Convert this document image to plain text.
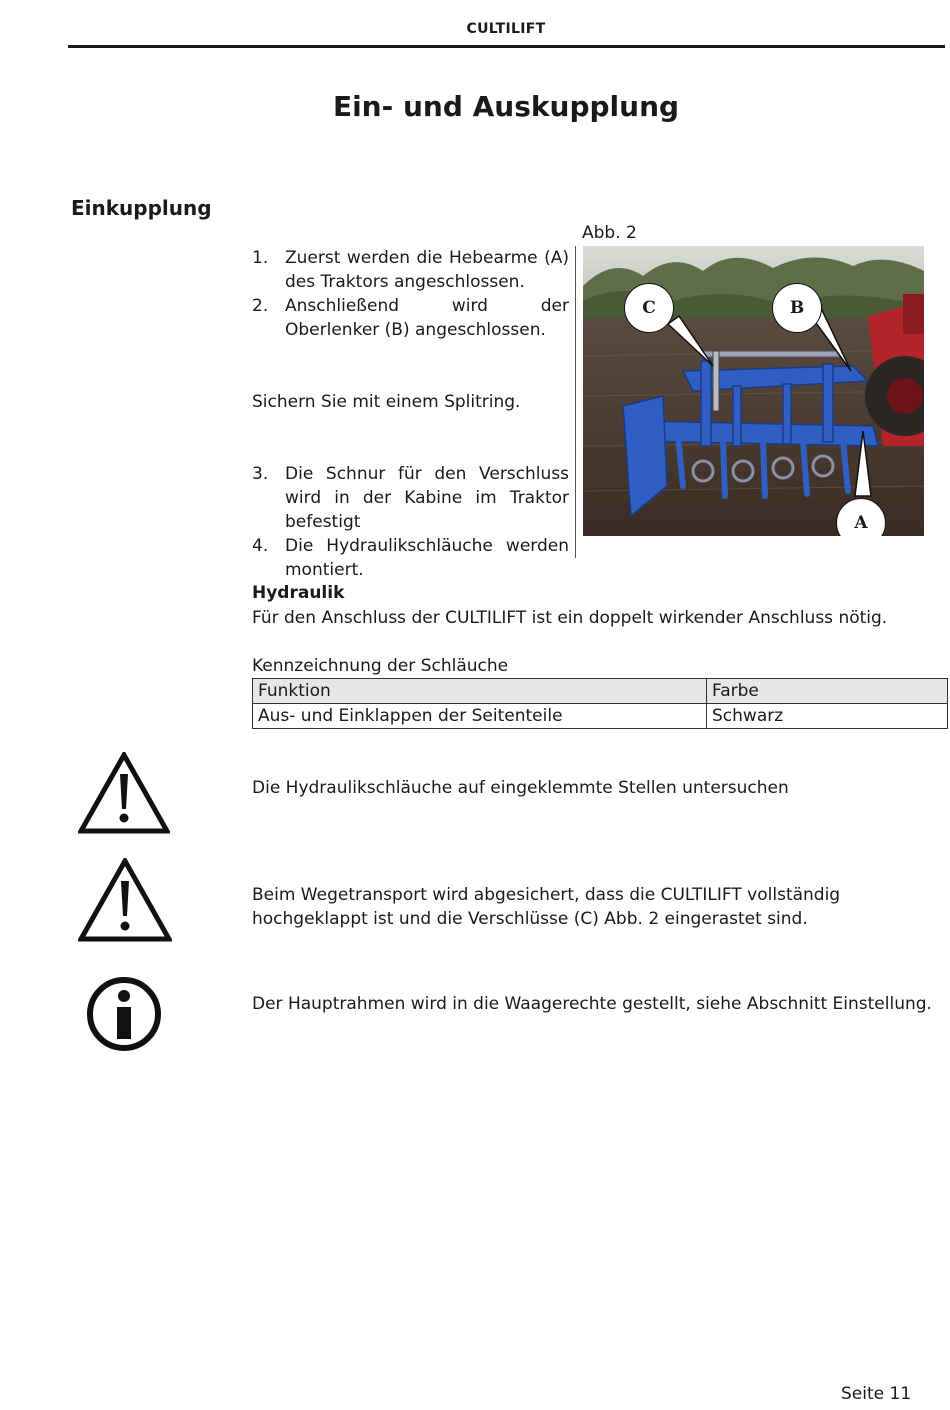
CULTILIFT
Ein- und Auskupplung
Einkupplung
1. Zuerst werden die Hebearme (A) des Traktors angeschlossen.
2. Anschließend wird der Oberlenker (B) angeschlossen.
Sichern Sie mit einem Splitring.
3. Die Schnur für den Verschluss wird in der Kabine im Traktor befestigt
4. Die Hydraulikschläuche werden montiert.
Abb. 2
C	B
A
Hydraulik
Für den Anschluss der CULTILIFT ist ein doppelt wirkender Anschluss nötig.
Kennzeichnung der Schläuche
Funktion	Farbe
Aus- und Einklappen der Seitenteile	Schwarz
Die Hydraulikschläuche auf eingeklemmte Stellen untersuchen
Beim Wegetransport wird abgesichert, dass die CULTILIFT vollständig hochgeklappt ist und die Verschlüsse (C) Abb. 2 eingerastet sind.
Der Hauptrahmen wird in die Waagerechte gestellt, siehe Abschnitt Einstellung.
Seite 11
